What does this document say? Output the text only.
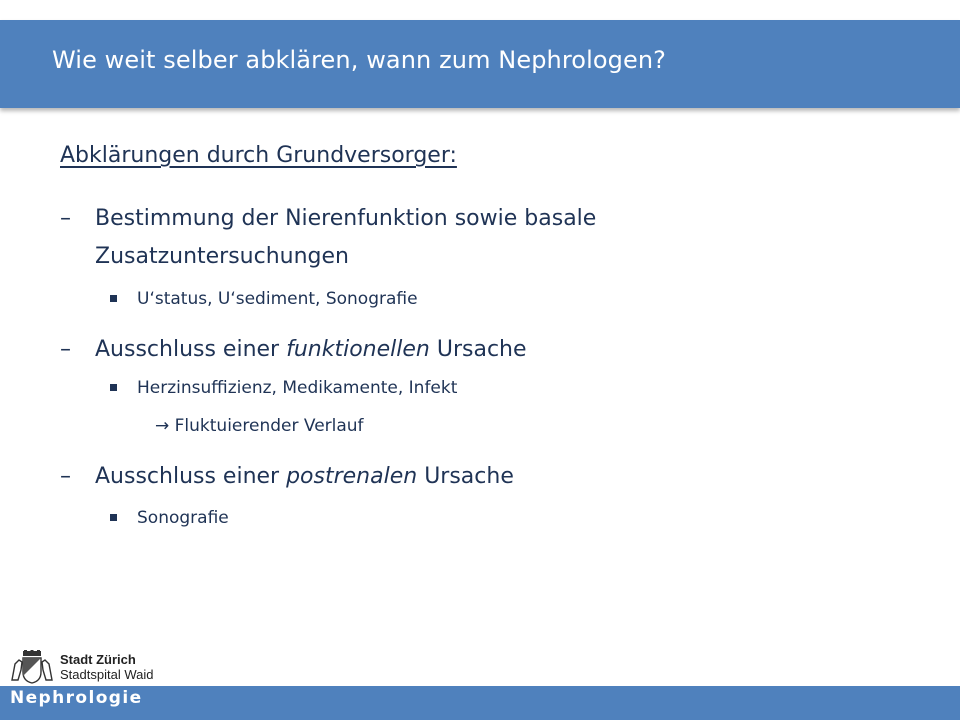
Wie weit selber abklären, wann zum Nephrologen?
Abklärungen durch Grundversorger:
–	Bestimmung der Nierenfunktion sowie basale
Zusatzuntersuchungen
U‘status, U‘sediment, Sonografie
–	Ausschluss einer funktionellen Ursache
Herzinsuffizienz, Medikamente, Infekt
→ Fluktuierender Verlauf
–	Ausschluss einer postrenalen Ursache
Sonografie
Stadt Zürich
Stadtspital Waid
Nephrologie
